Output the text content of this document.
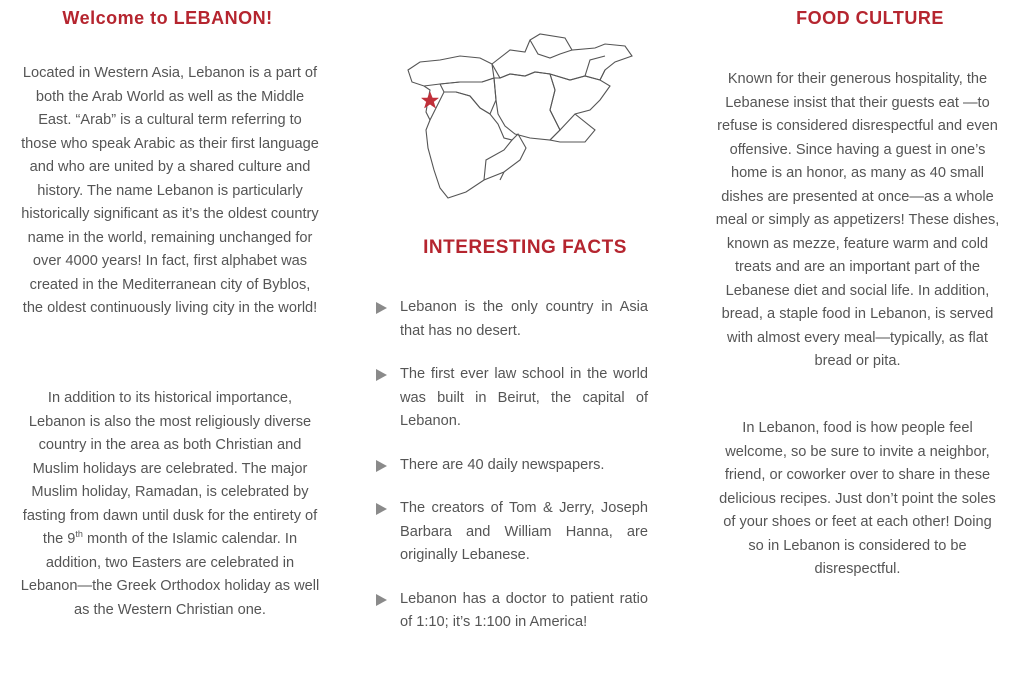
Welcome to LEBANON!

Located in Western Asia, Lebanon is a part of both the Arab World as well as the Middle East. “Arab” is a cultural term referring to those who speak Arabic as their first language and who are united by a shared culture and history. The name Lebanon is particularly historically significant as it’s the oldest country name in the world, remaining unchanged for over 4000 years! In fact, first alphabet was created in the Mediterranean city of Byblos, the oldest continuously living city in the world!

In addition to its historical importance, Lebanon is also the most religiously diverse country in the area as both Christian and Muslim holidays are celebrated. The major Muslim holiday, Ramadan, is celebrated by fasting from dawn until dusk for the entirety of the 9th month of the Islamic calendar. In addition, two Easters are celebrated in Lebanon—the Greek Orthodox holiday as well as the Western Christian one.

INTERESTING FACTS
Lebanon is the only country in Asia that has no desert.
The first ever law school in the world was built in Beirut, the capital of Lebanon.
There are 40 daily newspapers.
The creators of Tom & Jerry, Joseph Barbara and William Hanna, are originally Lebanese.
Lebanon has a doctor to patient ratio of 1:10; it’s 1:100 in America!
FOOD CULTURE

Known for their generous hospitality, the Lebanese insist that their guests eat —to refuse is considered disrespectful and even offensive. Since having a guest in one’s home is an honor, as many as 40 small dishes are presented at once—as a whole meal or simply as appetizers! These dishes, known as mezze, feature warm and cold treats and are an important part of the Lebanese diet and social life. In addition, bread, a staple food in Lebanon, is served with almost every meal—typically, as flat bread or pita.

In Lebanon, food is how people feel welcome, so be sure to invite a neighbor, friend, or coworker over to share in these delicious recipes. Just don’t point the soles of your shoes or feet at each other! Doing so in Lebanon is considered to be disrespectful.
